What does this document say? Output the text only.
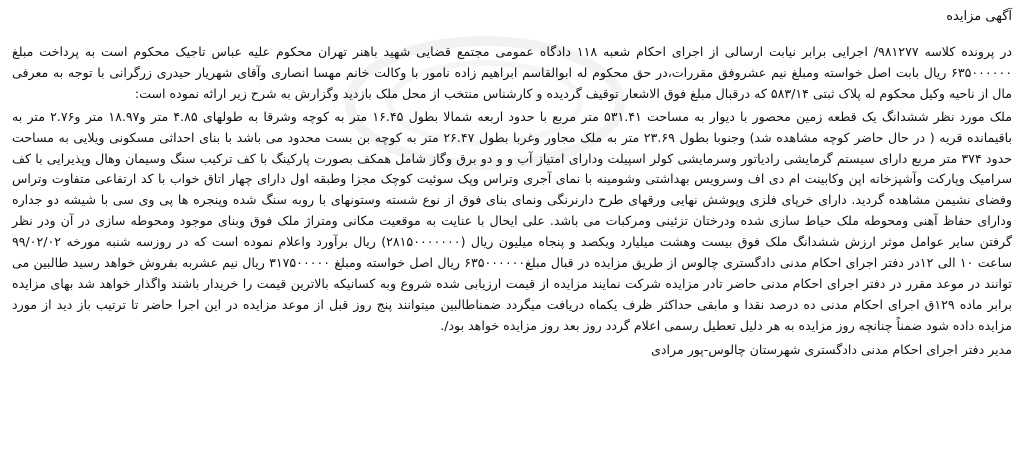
آگهی مزایده

در پرونده کلاسه ۹۸۱۲۷۷/ اجرایی برابر نیابت ارسالی از اجرای احکام شعبه ۱۱۸ دادگاه عمومی مجتمع قضایی شهید باهنر تهران محکوم علیه عباس تاجیک محکوم است به پرداخت مبلغ ۶۳۵۰۰۰۰۰۰ ریال بابت اصل خواسته ومبلغ نیم عشروفق مقررات،در حق محکوم له ابوالقاسم ابراهیم زاده نامور با وکالت خانم مهسا انصاری وآقای شهریار حیدری زرگرانی با توجه به معرفی مال از ناحیه وکیل محکوم له پلاک ثبتی ۵۸۳/۱۴ که درقبال مبلغ فوق الاشعار توقیف گردیده و کارشناس منتخب از محل ملک بازدید وگزارش به شرح زیر ارائه نموده است:

ملک مورد نظر ششدانگ یک قطعه زمین محصور با دیوار به مساحت ۵۳۱.۴۱ متر مربع با حدود اربعه شمالا بطول ۱۶.۴۵ متر به کوچه وشرقا به طولهای ۴.۸۵ متر و۱۸.۹۷ متر و۲.۷۶ متر به باقیمانده قریه ( در حال حاضر کوچه مشاهده شد) وجنوبا بطول ۲۳.۶۹ متر به ملک مجاور وغربا بطول ۲۶.۴۷ متر به کوچه بن بست محدود می باشد با بنای احداثی مسکونی ویلایی به مساحت حدود ۳۷۴ متر مربع دارای سیستم گرمایشی رادیاتور وسرمایشی کولر اسپیلت ودارای امتیاز آب و و دو برق وگاز شامل همکف بصورت پارکینگ با کف ترکیب سنگ وسیمان وهال وپذیرایی با کف سرامیک وپارکت وآشپزخانه اپن وکابینت ام دی اف وسرویس بهداشتی وشومینه با نمای آجری وتراس وپک سوئیت کوچک مجزا وطبقه اول دارای چهار اتاق خواب با کد ارتفاعی متفاوت وتراس وفضای نشیمن مشاهده گردید. دارای خرپای فلزی وپوشش نهایی ورقهای طرح دارنرنگی ونمای بنای فوق از نوع شسته وستونهای با روبه سنگ شده وپنجره ها پی وی سی با شیشه دو جداره ودارای حفاظ آهنی ومحوطه ملک حیاط سازی شده ودرختان تزئینی ومرکبات می باشد. علی ایحال با عنایت به موقعیت مکانی ومتراژ ملک فوق وبنای موجود ومحوطه سازی در آن ودر نظر گرفتن سایر عوامل موثر ارزش ششدانگ ملک فوق بیست وهشت میلیارد ویکصد و پنجاه میلیون ریال (۲۸۱۵۰۰۰۰۰۰۰) ریال برآورد واعلام نموده است که در روزسه شنبه مورخه ۹۹/۰۲/۰۲ ساعت ۱۰ الی ۱۲در دفتر اجرای احکام مدنی دادگستری چالوس از طریق مزایده در قبال مبلغ۶۳۵۰۰۰۰۰۰ ریال اصل خواسته ومبلغ ۳۱۷۵۰۰۰۰۰ ریال نیم عشربه بفروش خواهد رسید طالبین می توانند در موعد مقرر در دفتر اجرای احکام مدنی حاضر تادر مزایده شرکت نمایند مزایده از قیمت ارزیابی شده شروع وبه کسانیکه بالاترین قیمت را خریدار باشند واگذار خواهد شد بهای مزایده برابر ماده ۱۲۹ق اجرای احکام مدنی ده درصد نقدا و مابقی حداکثر ظرف یکماه دریافت میگردد ضمناطالبین میتوانند پنج روز قبل از موعد مزایده در این اجرا حاضر تا ترتیب باز دید از مورد مزایده داده شود ضمناً چنانچه روز مزایده به هر دلیل تعطیل رسمی اعلام گردد روز بعد روز مزایده خواهد بود/.

مدیر دفتر اجرای احکام مدنی دادگستری شهرستان چالوس-پور مرادی
